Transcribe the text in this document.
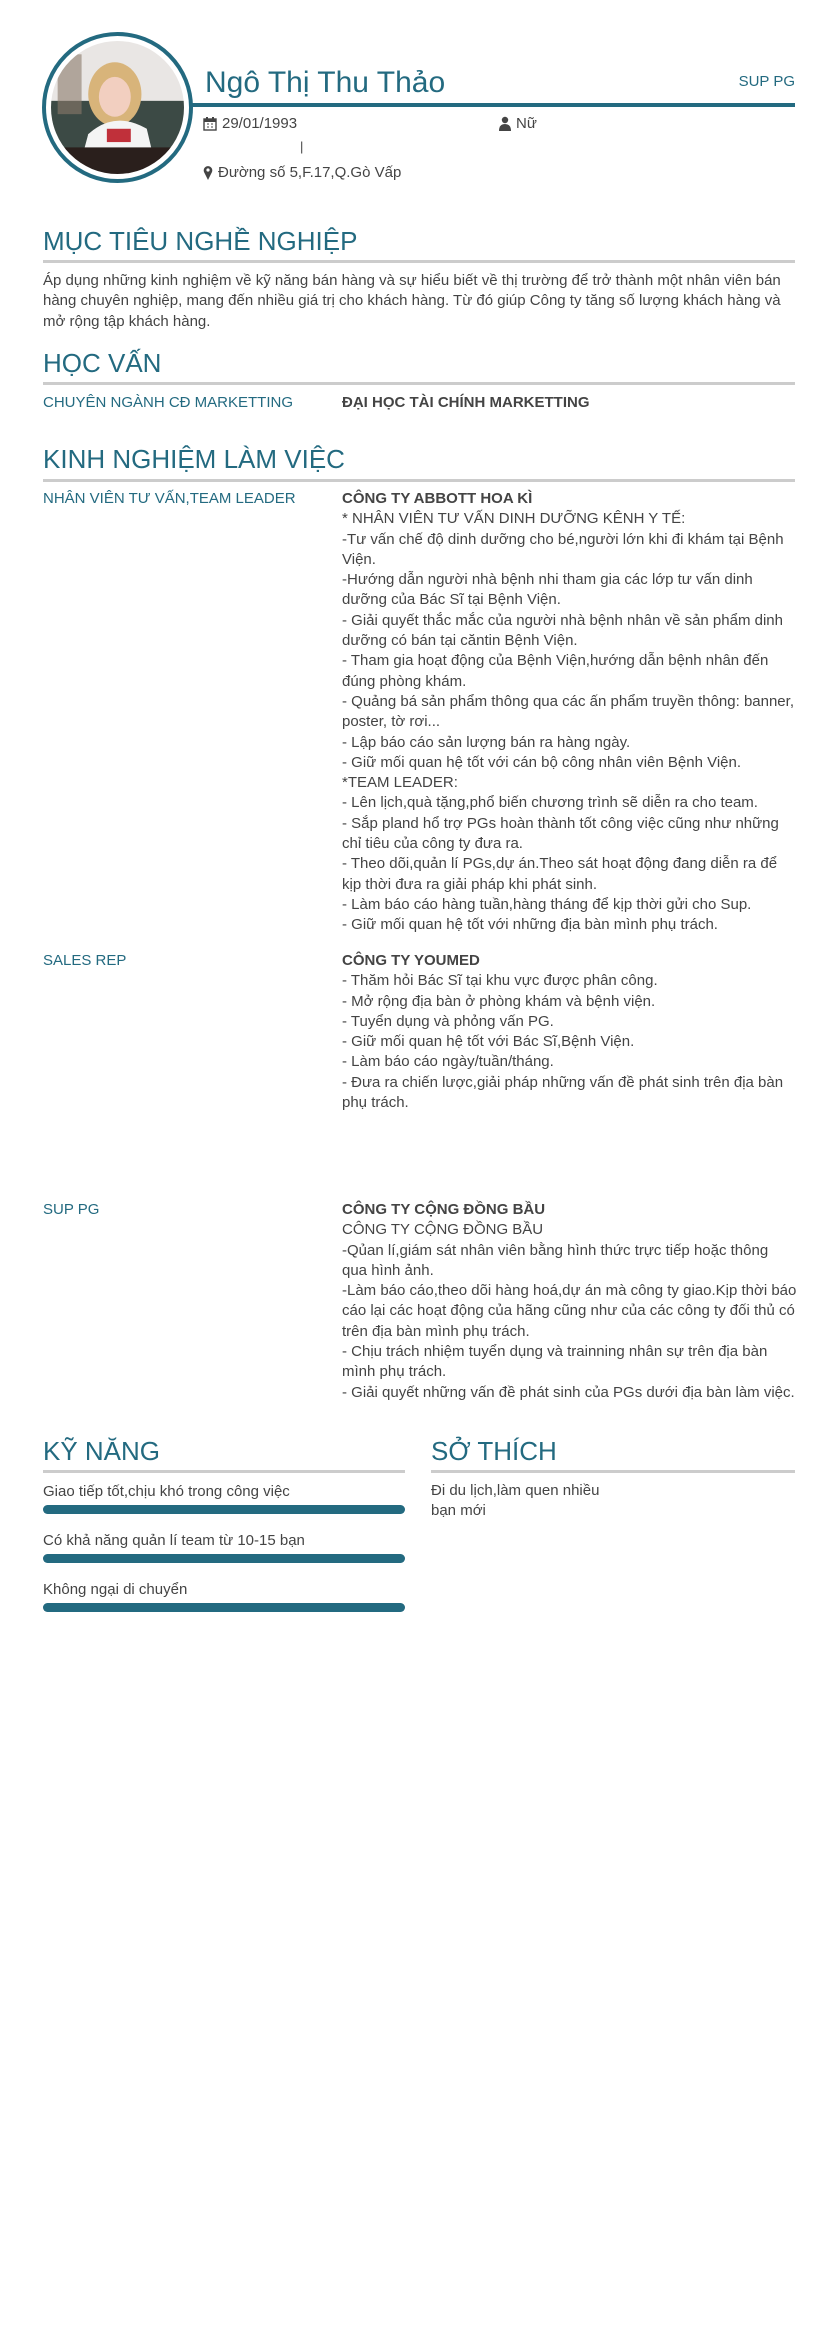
Ngô Thị Thu Thảo	SUP PG
29/01/1993	Nữ
|
Đường số 5,F.17,Q.Gò Vấp
MỤC TIÊU NGHỀ NGHIỆP

Áp dụng những kinh nghiệm về kỹ năng bán hàng và sự hiểu biết về thị trường để trở thành một nhân viên bán hàng chuyên nghiệp, mang đến nhiều giá trị cho khách hàng. Từ đó giúp Công ty tăng số lượng khách hàng và mở rộng tập khách hàng.

HỌC VẤN
CHUYÊN NGÀNH CĐ MARKETTING	ĐẠI HỌC TÀI CHÍNH MARKETTING
KINH NGHIỆM LÀM VIỆC
NHÂN VIÊN TƯ VẤN,TEAM LEADER	CÔNG TY ABBOTT HOA KÌ
* NHÂN VIÊN TƯ VẤN DINH DƯỠNG KÊNH Y TẾ:
-Tư vấn chế độ dinh dưỡng cho bé,người lớn khi đi khám tại Bệnh Viện.
-Hướng dẫn người nhà bệnh nhi tham gia các lớp tư vấn dinh dưỡng của Bác Sĩ tại Bệnh Viện.
- Giải quyết thắc mắc của người nhà bệnh nhân về sản phẩm dinh dưỡng có bán tại căntin Bệnh Viện.
- Tham gia hoạt động của Bệnh Viện,hướng dẫn bệnh nhân đến đúng phòng khám.
- Quảng bá sản phẩm thông qua các ấn phẩm truyền thông: banner, poster, tờ rơi...
- Lập báo cáo sản lượng bán ra hàng ngày.
- Giữ mối quan hệ tốt với cán bộ công nhân viên Bệnh Viện.
*TEAM LEADER:
- Lên lịch,quà tặng,phổ biến chương trình sẽ diễn ra cho team.
- Sắp pland hổ trợ PGs hoàn thành tốt công việc cũng như những chỉ tiêu của công ty đưa ra.
- Theo dõi,quản lí PGs,dự án.Theo sát hoạt động đang diễn ra để kịp thời đưa ra giải pháp khi phát sinh.
- Làm báo cáo hàng tuần,hàng tháng để kịp thời gửi cho Sup.
- Giữ mối quan hệ tốt với những địa bàn mình phụ trách.
SALES REP	CÔNG TY YOUMED
- Thăm hỏi Bác Sĩ tại khu vực được phân công.
- Mở rộng địa bàn ở phòng khám và bệnh viện.
- Tuyển dụng và phỏng vấn PG.
- Giữ mối quan hệ tốt với Bác Sĩ,Bệnh Viện.
- Làm báo cáo ngày/tuần/tháng.
- Đưa ra chiến lược,giải pháp những vấn đề phát sinh trên địa bàn phụ trách.
SUP PG	CÔNG TY CỘNG ĐỒNG BẦU
CÔNG TY CỘNG ĐỒNG BẦU
-Qủan lí,giám sát nhân viên bằng hình thức trực tiếp hoặc thông qua hình ảnh.
-Làm báo cáo,theo dõi hàng hoá,dự án mà công ty giao.Kịp thời báo cáo lại các hoạt động của hãng cũng như của các công ty đối thủ có trên địa bàn mình phụ trách.
- Chịu trách nhiệm tuyển dụng và trainning nhân sự trên địa bàn mình phụ trách.
- Giải quyết những vấn đề phát sinh của PGs dưới địa bàn làm việc.
KỸ NĂNG
Giao tiếp tốt,chịu khó trong công việc
Có khả năng quản lí team từ 10-15 bạn
Không ngại di chuyển
SỞ THÍCH

Đi du lịch,làm quen nhiều bạn mới
